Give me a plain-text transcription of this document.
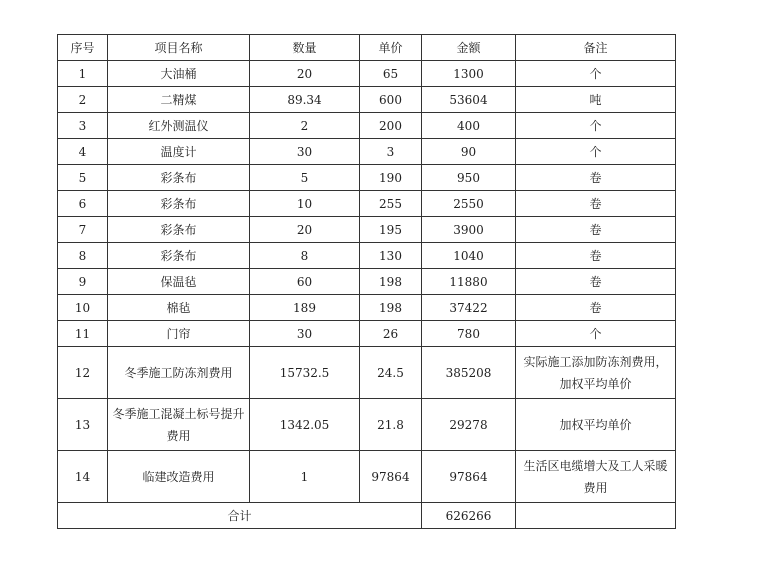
序号	项目名称	数量	单价	金额	备注
1	大油桶	20	65	1300	个
2	二精煤	89.34	600	53604	吨
3	红外测温仪	2	200	400	个
4	温度计	30	3	90	个
5	彩条布	5	190	950	卷
6	彩条布	10	255	2550	卷
7	彩条布	20	195	3900	卷
8	彩条布	8	130	1040	卷
9	保温毡	60	198	11880	卷
10	棉毡	189	198	37422	卷
11	门帘	30	26	780	个
12	冬季施工防冻剂费用	15732.5	24.5	385208	实际施工添加防冻剂费用，加权平均单价
13	冬季施工混凝土标号提升费用	1342.05	21.8	29278	加权平均单价
14	临建改造费用	1	97864	97864	生活区电缆增大及工人采暖费用
合计				626266	
